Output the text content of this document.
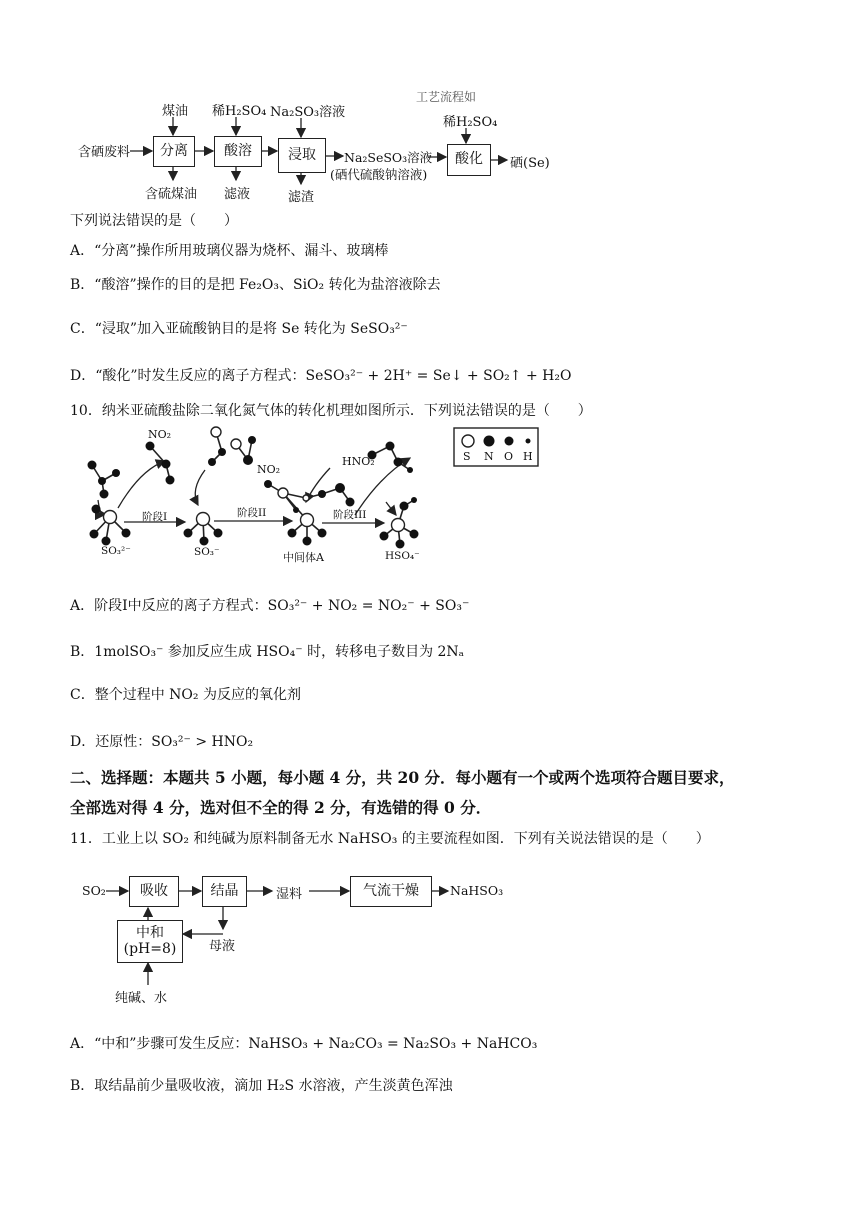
工艺流程如
含硒废料	分离	酸溶	浸取	酸化
煤油 稀H₂SO₄ Na₂SO₃溶液
稀H₂SO₄
含硫煤油 滤液	滤渣
Na₂SeSO₃溶液
(硒代硫酸钠溶液)
硒(Se)
下列说法错误的是（　　）
A．“分离”操作所用玻璃仪器为烧杯、漏斗、玻璃棒
B．“酸溶”操作的目的是把 Fe₂O₃、SiO₂ 转化为盐溶液除去
C．“浸取”加入亚硫酸钠目的是将 Se 转化为 SeSO₃²⁻
D．“酸化”时发生反应的离子方程式：SeSO₃²⁻ + 2H⁺ = Se↓ + SO₂↑ + H₂O
10．纳米亚硫酸盐除二氧化氮气体的转化机理如图所示．下列说法错误的是（　　）
NO₂
NO₂
HNO₂
SO₃²⁻	SO₃⁻	中间体A	HSO₄⁻
阶段I	阶段II	阶段III
S N O H
A．阶段Ⅰ中反应的离子方程式：SO₃²⁻ + NO₂ = NO₂⁻ + SO₃⁻
B．1molSO₃⁻ 参加反应生成 HSO₄⁻ 时，转移电子数目为 2Nₐ
C．整个过程中 NO₂ 为反应的氧化剂
D．还原性：SO₃²⁻ > HNO₂
二、选择题：本题共 5 小题，每小题 4 分，共 20 分．每小题有一个或两个选项符合题目要求，
全部选对得 4 分，选对但不全的得 2 分，有选错的得 0 分．
11．工业上以 SO₂ 和纯碱为原料制备无水 NaHSO₃ 的主要流程如图．下列有关说法错误的是（　　）
SO₂	吸收	结晶	湿料	气流干燥	NaHSO₃
中和
(pH=8)	母液
纯碱、水
A．“中和”步骤可发生反应：NaHSO₃ + Na₂CO₃ = Na₂SO₃ + NaHCO₃
B．取结晶前少量吸收液，滴加 H₂S 水溶液，产生淡黄色浑浊
